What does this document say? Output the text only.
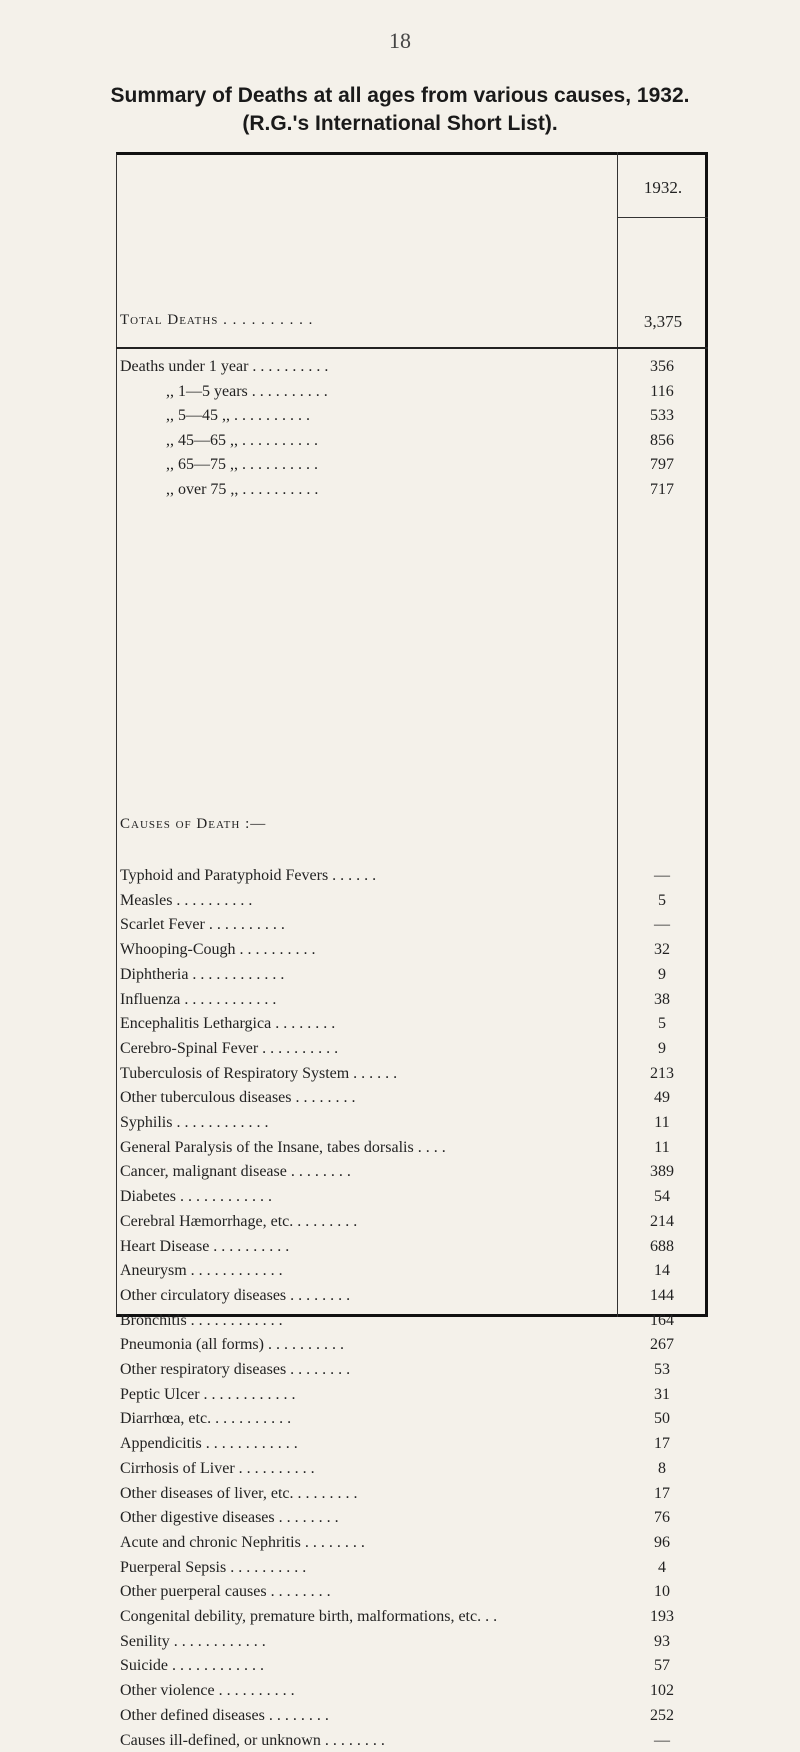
18
Summary of Deaths at all ages from various causes, 1932.
(R.G.'s International Short List).
1932.
Total Deaths . . . . . . . . . .	3,375
Deaths under 1 year . . . . . . . . . .	356
,, 1—5 years . . . . . . . . . .	116
,, 5—45 ,, . . . . . . . . . .	533
,, 45—65 ,, . . . . . . . . . .	856
,, 65—75 ,, . . . . . . . . . .	797
,, over 75 ,, . . . . . . . . . .	717
Causes of Death :—
Typhoid and Paratyphoid Fevers . . . . . .	—
Measles . . . . . . . . . .	5
Scarlet Fever . . . . . . . . . .	—
Whooping-Cough . . . . . . . . . .	32
Diphtheria . . . . . . . . . . . .	9
Influenza . . . . . . . . . . . .	38
Encephalitis Lethargica . . . . . . . .	5
Cerebro-Spinal Fever . . . . . . . . . .	9
Tuberculosis of Respiratory System . . . . . .	213
Other tuberculous diseases . . . . . . . .	49
Syphilis . . . . . . . . . . . .	11
General Paralysis of the Insane, tabes dorsalis . . . .	11
Cancer, malignant disease . . . . . . . .	389
Diabetes . . . . . . . . . . . .	54
Cerebral Hæmorrhage, etc. . . . . . . . .	214
Heart Disease . . . . . . . . . .	688
Aneurysm . . . . . . . . . . . .	14
Other circulatory diseases . . . . . . . .	144
Bronchitis . . . . . . . . . . . .	164
Pneumonia (all forms) . . . . . . . . . .	267
Other respiratory diseases . . . . . . . .	53
Peptic Ulcer . . . . . . . . . . . .	31
Diarrhœa, etc. . . . . . . . . . .	50
Appendicitis . . . . . . . . . . . .	17
Cirrhosis of Liver . . . . . . . . . .	8
Other diseases of liver, etc. . . . . . . . .	17
Other digestive diseases . . . . . . . .	76
Acute and chronic Nephritis . . . . . . . .	96
Puerperal Sepsis . . . . . . . . . .	4
Other puerperal causes . . . . . . . .	10
Congenital debility, premature birth, malformations, etc. . .	193
Senility . . . . . . . . . . . .	93
Suicide . . . . . . . . . . . .	57
Other violence . . . . . . . . . .	102
Other defined diseases . . . . . . . .	252
Causes ill-defined, or unknown . . . . . . . .	—
